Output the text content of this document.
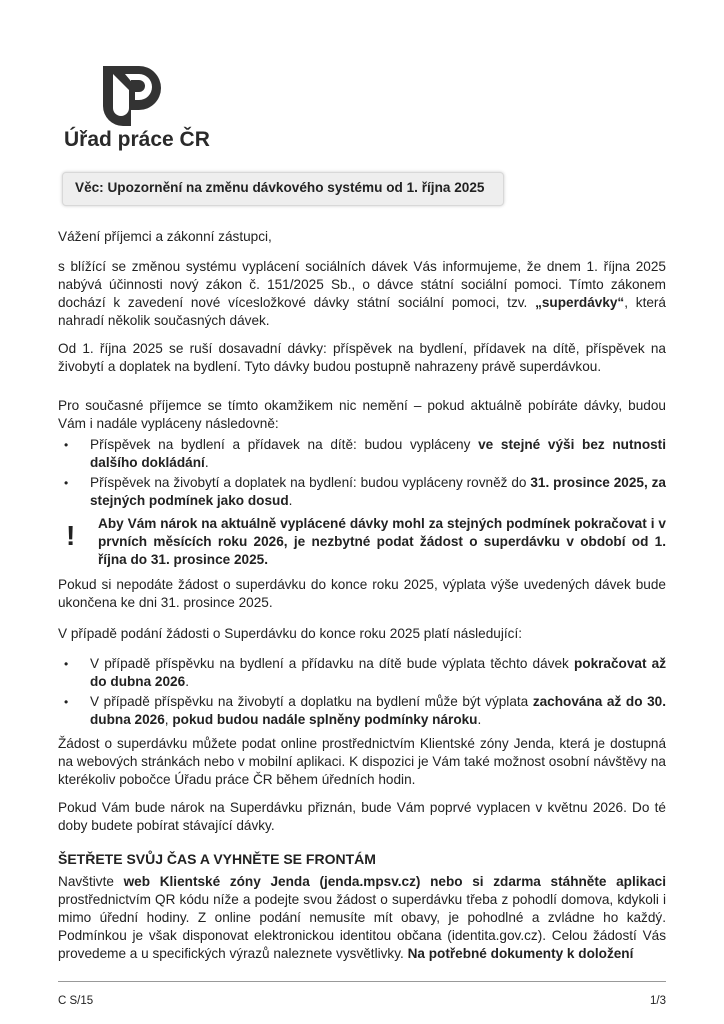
Úřad práce ČR
Věc: Upozornění na změnu dávkového systému od 1. října 2025
Vážení příjemci a zákonní zástupci,
s blížící se změnou systému vyplácení sociálních dávek Vás informujeme, že dnem 1. října 2025 nabývá účinnosti nový zákon č. 151/2025 Sb., o dávce státní sociální pomoci. Tímto zákonem dochází k zavedení nové vícesložkové dávky státní sociální pomoci, tzv. „superdávky“, která nahradí několik současných dávek.
Od 1. října 2025 se ruší dosavadní dávky: příspěvek na bydlení, přídavek na dítě, příspěvek na živobytí a doplatek na bydlení. Tyto dávky budou postupně nahrazeny právě superdávkou.
Pro současné příjemce se tímto okamžikem nic nemění – pokud aktuálně pobíráte dávky, budou Vám i nadále vypláceny následovně:
• Příspěvek na bydlení a přídavek na dítě: budou vypláceny ve stejné výši bez nutnosti dalšího dokládání.
• Příspěvek na živobytí a doplatek na bydlení: budou vypláceny rovněž do 31. prosince 2025, za stejných podmínek jako dosud.
! Aby Vám nárok na aktuálně vyplácené dávky mohl za stejných podmínek pokračovat i v prvních měsících roku 2026, je nezbytné podat žádost o superdávku v období od 1. října do 31. prosince 2025.
Pokud si nepodáte žádost o superdávku do konce roku 2025, výplata výše uvedených dávek bude ukončena ke dni 31. prosince 2025.
V případě podání žádosti o Superdávku do konce roku 2025 platí následující:
• V případě příspěvku na bydlení a přídavku na dítě bude výplata těchto dávek pokračovat až do dubna 2026.
• V případě příspěvku na živobytí a doplatku na bydlení může být výplata zachována až do 30. dubna 2026, pokud budou nadále splněny podmínky nároku.
Žádost o superdávku můžete podat online prostřednictvím Klientské zóny Jenda, která je dostupná na webových stránkách nebo v mobilní aplikaci. K dispozici je Vám také možnost osobní návštěvy na kterékoliv pobočce Úřadu práce ČR během úředních hodin.
Pokud Vám bude nárok na Superdávku přiznán, bude Vám poprvé vyplacen v květnu 2026. Do té doby budete pobírat stávající dávky.
ŠETŘETE SVŮJ ČAS A VYHNĚTE SE FRONTÁM
Navštivte web Klientské zóny Jenda (jenda.mpsv.cz) nebo si zdarma stáhněte aplikaci prostřednictvím QR kódu níže a podejte svou žádost o superdávku třeba z pohodlí domova, kdykoli i mimo úřední hodiny. Z online podání nemusíte mít obavy, je pohodlné a zvládne ho každý. Podmínkou je však disponovat elektronickou identitou občana (identita.gov.cz). Celou žádostí Vás provedeme a u specifických výrazů naleznete vysvětlivky. Na potřebné dokumenty k doložení
C S/15	1/3
